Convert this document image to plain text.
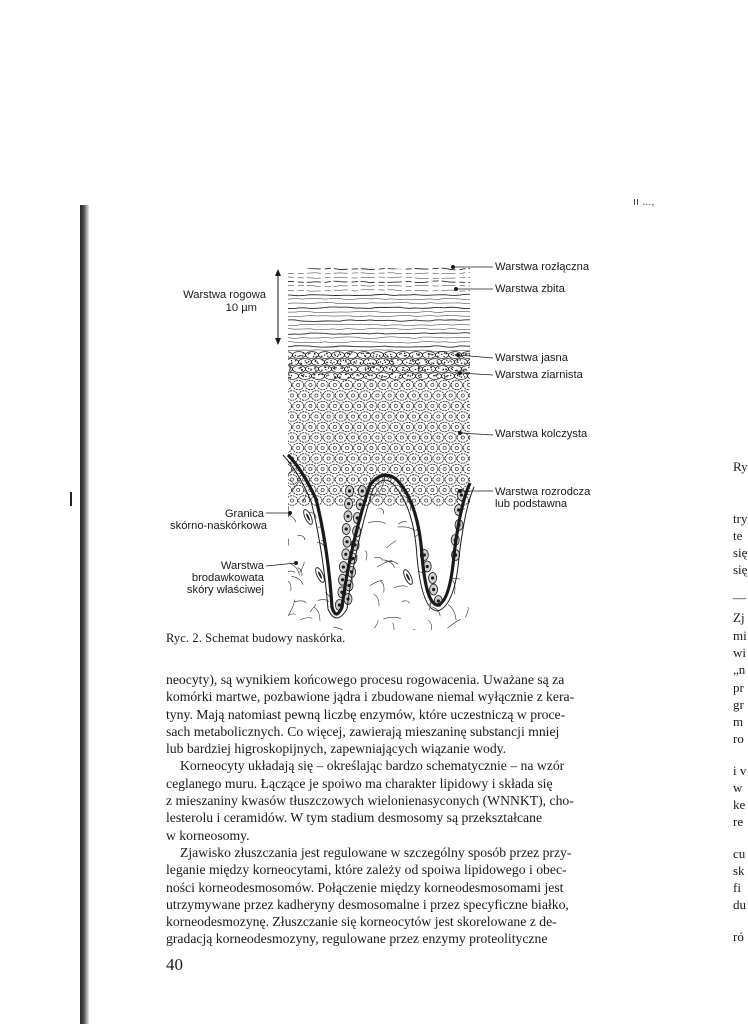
ıı ...,
Warstwa rogowa
10 µm
Warstwa rozłączna
Warstwa zbita
Warstwa jasna
Warstwa ziarnista
Warstwa kolczysta
Warstwa rozrodcza
lub podstawna
Granica
skórno-naskórkowa
Warstwa
brodawkowata
skóry właściwej
Ryc. 2. Schemat budowy naskórka.

neocyty), są wynikiem końcowego procesu rogowacenia. Uważane są za
komórki martwe, pozbawione jądra i zbudowane niemal wyłącznie z kera-
tyny. Mają natomiast pewną liczbę enzymów, które uczestniczą w proce-
sach metabolicznych. Co więcej, zawierają mieszaninę substancji mniej
lub bardziej higroskopijnych, zapewniających wiązanie wody.

Korneocyty układają się – określając bardzo schematycznie – na wzór
ceglanego muru. Łączące je spoiwo ma charakter lipidowy i składa się
z mieszaniny kwasów tłuszczowych wielonienasyconych (WNNKT), cho-
lesterolu i ceramidów. W tym stadium desmosomy są przekształcane
w korneosomy.

Zjawisko złuszczania jest regulowane w szczególny sposób przez przy-
leganie między korneocytami, które zależy od spoiwa lipidowego i obec-
ności korneodesmosomów. Połączenie między korneodesmosomami jest
utrzymywane przez kadheryny desmosomalne i przez specyficzne białko,
korneodesmozynę. Złuszczanie się korneocytów jest skorelowane z de-
gradacją korneodesmozyny, regulowane przez enzymy proteolityczne

40
Ry
try
te
się
się
—
Zj
mi
wi
„n
pr
gr
m
ro
i v
w
ke
re
cu
sk
fi
du
ró
